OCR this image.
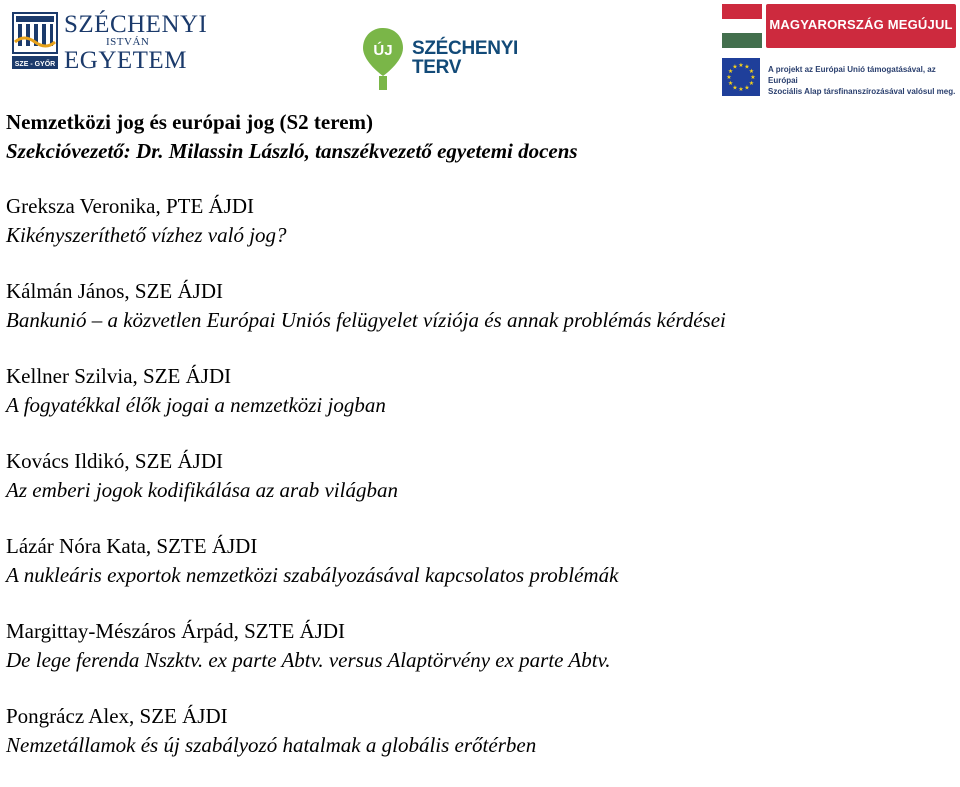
SZE - GYŐR
SZÉCHENYI
ISTVÁN
EGYETEM	ÚJ SZÉCHENYI TERV
MAGYARORSZÁG MEGÚJUL
★ ★
★
★
★
★
★
★
★
★
★
★	A projekt az Európai Unió támogatásával, az Európai
Szociális Alap társfinanszírozásával valósul meg.

Nemzetközi jog és európai jog (S2 terem)

Szekcióvezető: Dr. Milassin László, tanszékvezető egyetemi docens

Greksza Veronika, PTE ÁJDI
Kikényszeríthető vízhez való jog?
Kálmán János, SZE ÁJDI
Bankunió – a közvetlen Európai Uniós felügyelet víziója és annak problémás kérdései
Kellner Szilvia, SZE ÁJDI
A fogyatékkal élők jogai a nemzetközi jogban
Kovács Ildikó, SZE ÁJDI
Az emberi jogok kodifikálása az arab világban
Lázár Nóra Kata, SZTE ÁJDI
A nukleáris exportok nemzetközi szabályozásával kapcsolatos problémák
Margittay-Mészáros Árpád, SZTE ÁJDI
De lege ferenda Nszktv. ex parte Abtv. versus Alaptörvény ex parte Abtv.
Pongrácz Alex, SZE ÁJDI
Nemzetállamok és új szabályozó hatalmak a globális erőtérben
